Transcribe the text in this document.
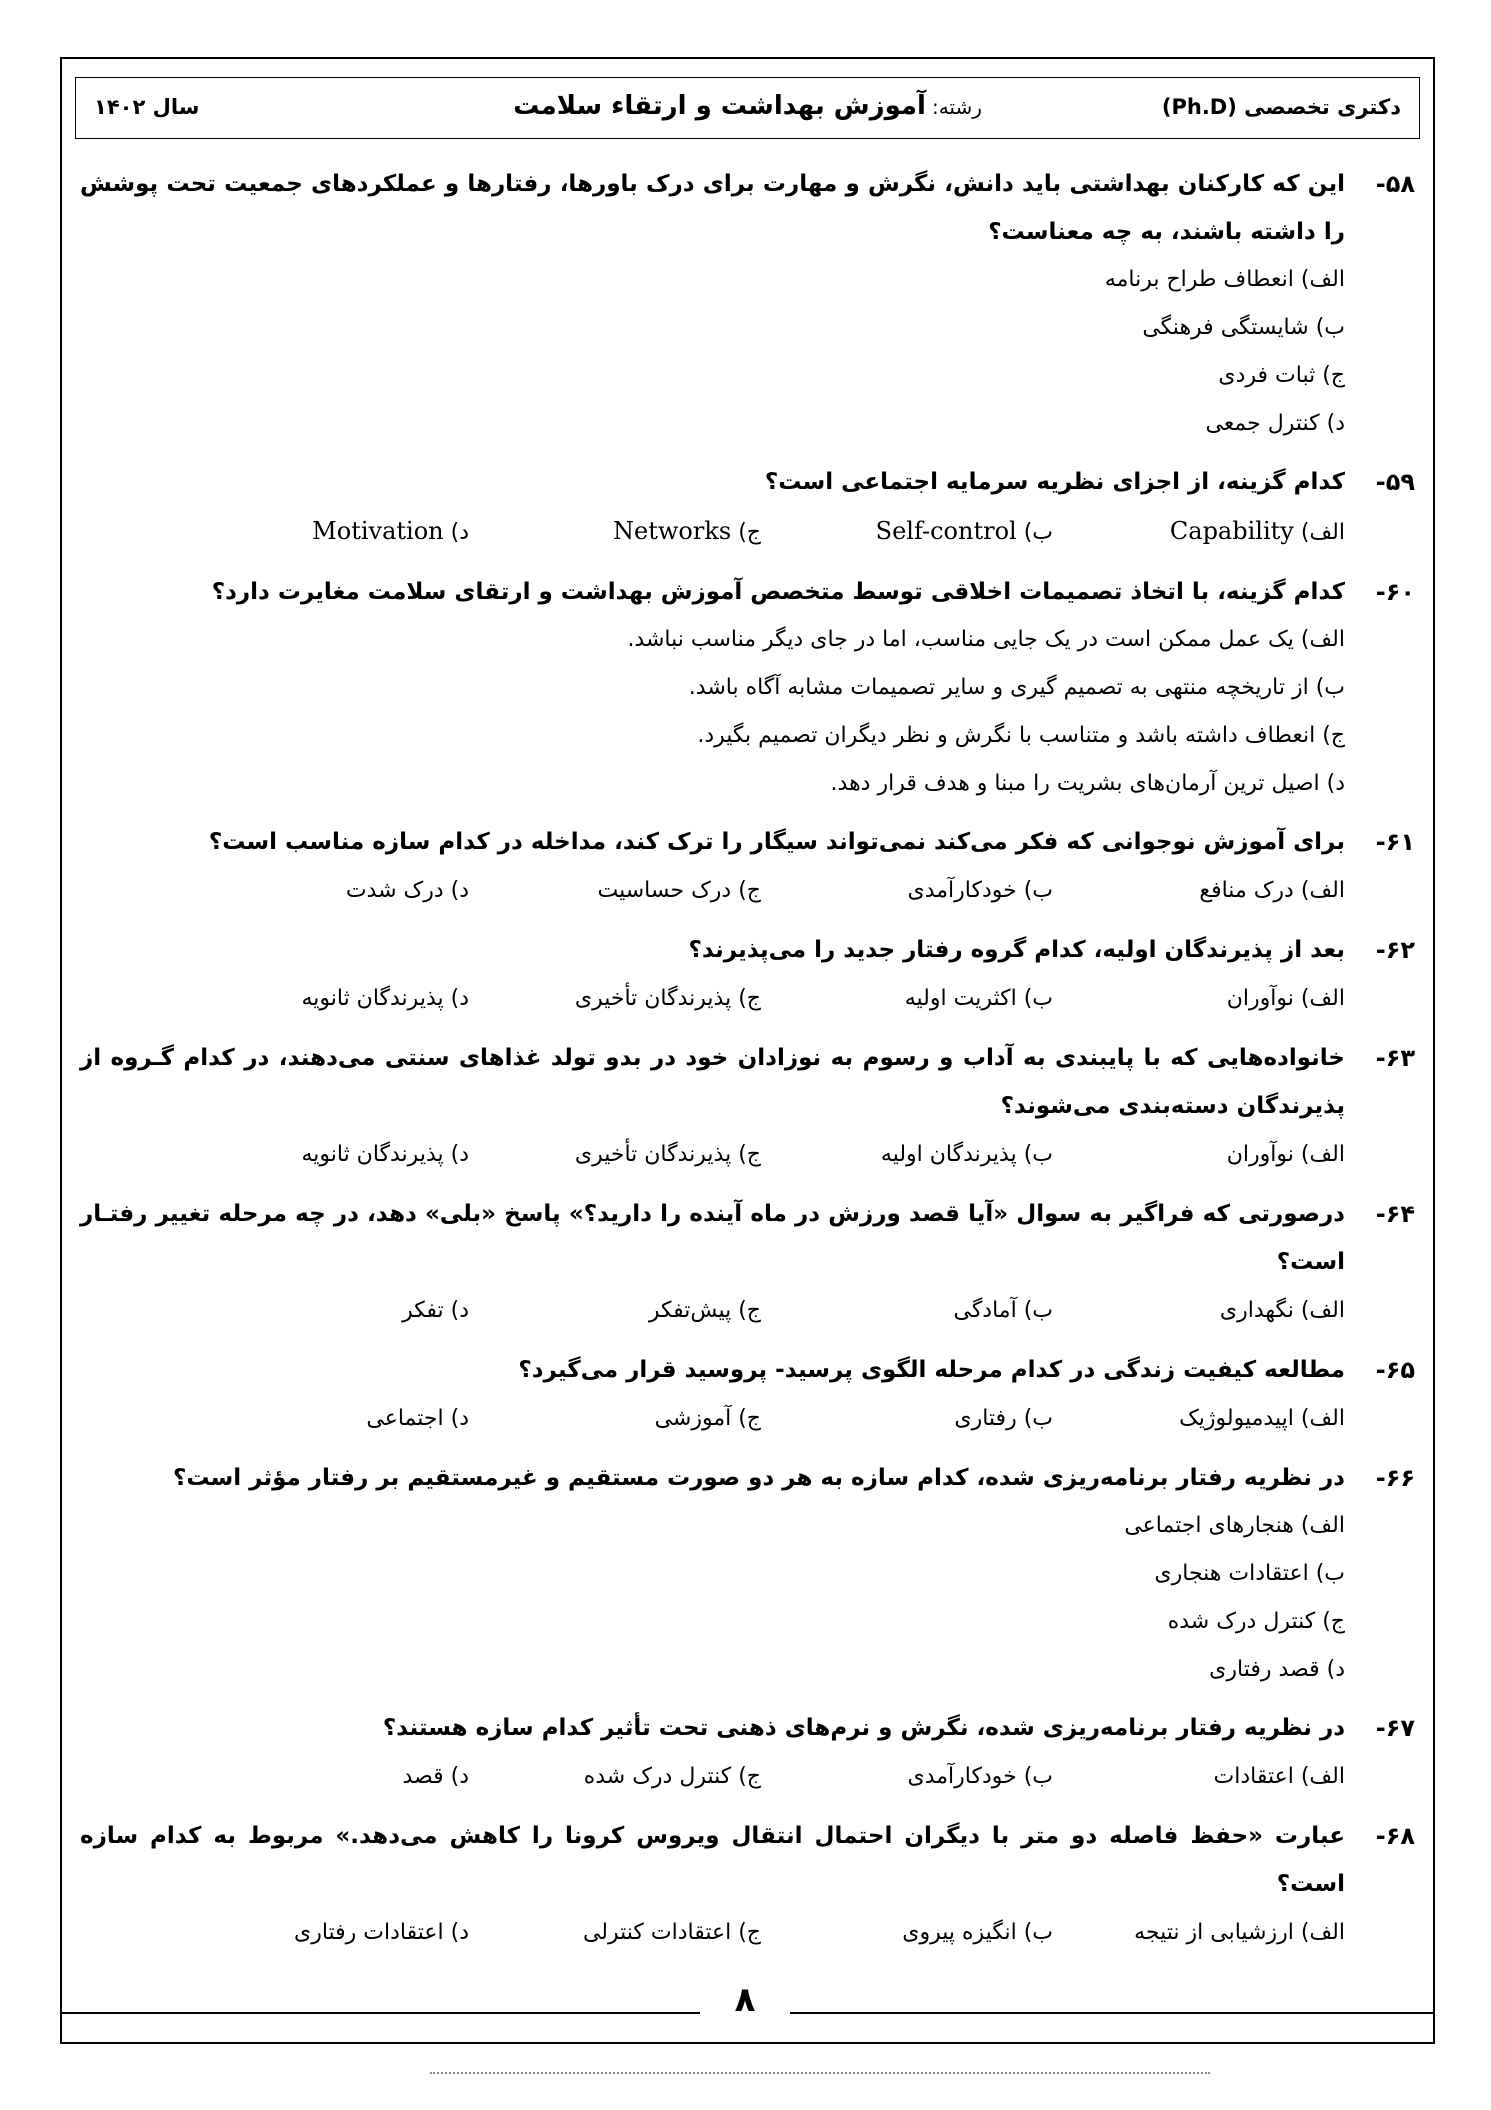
دکتری تخصصی (Ph.D)
رشته:آموزش بهداشت و ارتقاء سلامت
سال ۱۴۰۲
۵۸-
این که کارکنان بهداشتی باید دانش، نگرش و مهارت برای درک باورها، رفتارها و عملکردهای جمعیت تحت پوشش را داشته باشند، به چه معناست؟
الف) انعطاف طراح برنامه
ب) شایستگی فرهنگی
ج) ثبات فردی
د) کنترل جمعی
۵۹-
کدام گزینه، از اجزای نظریه سرمایه اجتماعی است؟
الف) Capability
ب) Self-control
ج) Networks
د) Motivation
۶۰-
کدام گزینه، با اتخاذ تصمیمات اخلاقی توسط متخصص آموزش بهداشت و ارتقای سلامت مغایرت دارد؟
الف) یک عمل ممکن است در یک جایی مناسب، اما در جای دیگر مناسب نباشد.
ب) از تاریخچه منتهی به تصمیم گیری و سایر تصمیمات مشابه آگاه باشد.
ج) انعطاف داشته باشد و متناسب با نگرش و نظر دیگران تصمیم بگیرد.
د) اصیل ترین آرمان‌های بشریت را مبنا و هدف قرار دهد.
۶۱-
برای آموزش نوجوانی که فکر می‌کند نمی‌تواند سیگار را ترک کند، مداخله در کدام سازه مناسب است؟
الف) درک منافع
ب) خودکارآمدی
ج) درک حساسیت
د) درک شدت
۶۲-
بعد از پذیرندگان اولیه، کدام گروه رفتار جدید را می‌پذیرند؟
الف) نوآوران
ب) اکثریت اولیه
ج) پذیرندگان تأخیری
د) پذیرندگان ثانویه
۶۳-
خانواده‌هایی که با پایبندی به آداب و رسوم به نوزادان خود در بدو تولد غذاهای سنتی می‌دهند، در کدام گـروه از پذیرندگان دسته‌بندی می‌شوند؟
الف) نوآوران
ب) پذیرندگان اولیه
ج) پذیرندگان تأخیری
د) پذیرندگان ثانویه
۶۴-
درصورتی که فراگیر به سوال «آیا قصد ورزش در ماه آینده را دارید؟» پاسخ «بلی» دهد، در چه مرحله تغییر رفتـار است؟
الف) نگهداری
ب) آمادگی
ج) پیش‌تفکر
د) تفکر
۶۵-
مطالعه کیفیت زندگی در کدام مرحله الگوی پرسید- پروسید قرار می‌گیرد؟
الف) اپیدمیولوژیک
ب) رفتاری
ج) آموزشی
د) اجتماعی
۶۶-
در نظریه رفتار برنامه‌ریزی شده، کدام سازه به هر دو صورت مستقیم و غیرمستقیم بر رفتار مؤثر است؟
الف) هنجارهای اجتماعی
ب) اعتقادات هنجاری
ج) کنترل درک شده
د) قصد رفتاری
۶۷-
در نظریه رفتار برنامه‌ریزی شده، نگرش و نرم‌های ذهنی تحت تأثیر کدام سازه هستند؟
الف) اعتقادات
ب) خودکارآمدی
ج) کنترل درک شده
د) قصد
۶۸-
عبارت «حفظ فاصله دو متر با دیگران احتمال انتقال ویروس کرونا را کاهش می‌دهد.» مربوط به کدام سازه است؟
الف) ارزشیابی از نتیجه
ب) انگیزه پیروی
ج) اعتقادات کنترلی
د) اعتقادات رفتاری
۸
